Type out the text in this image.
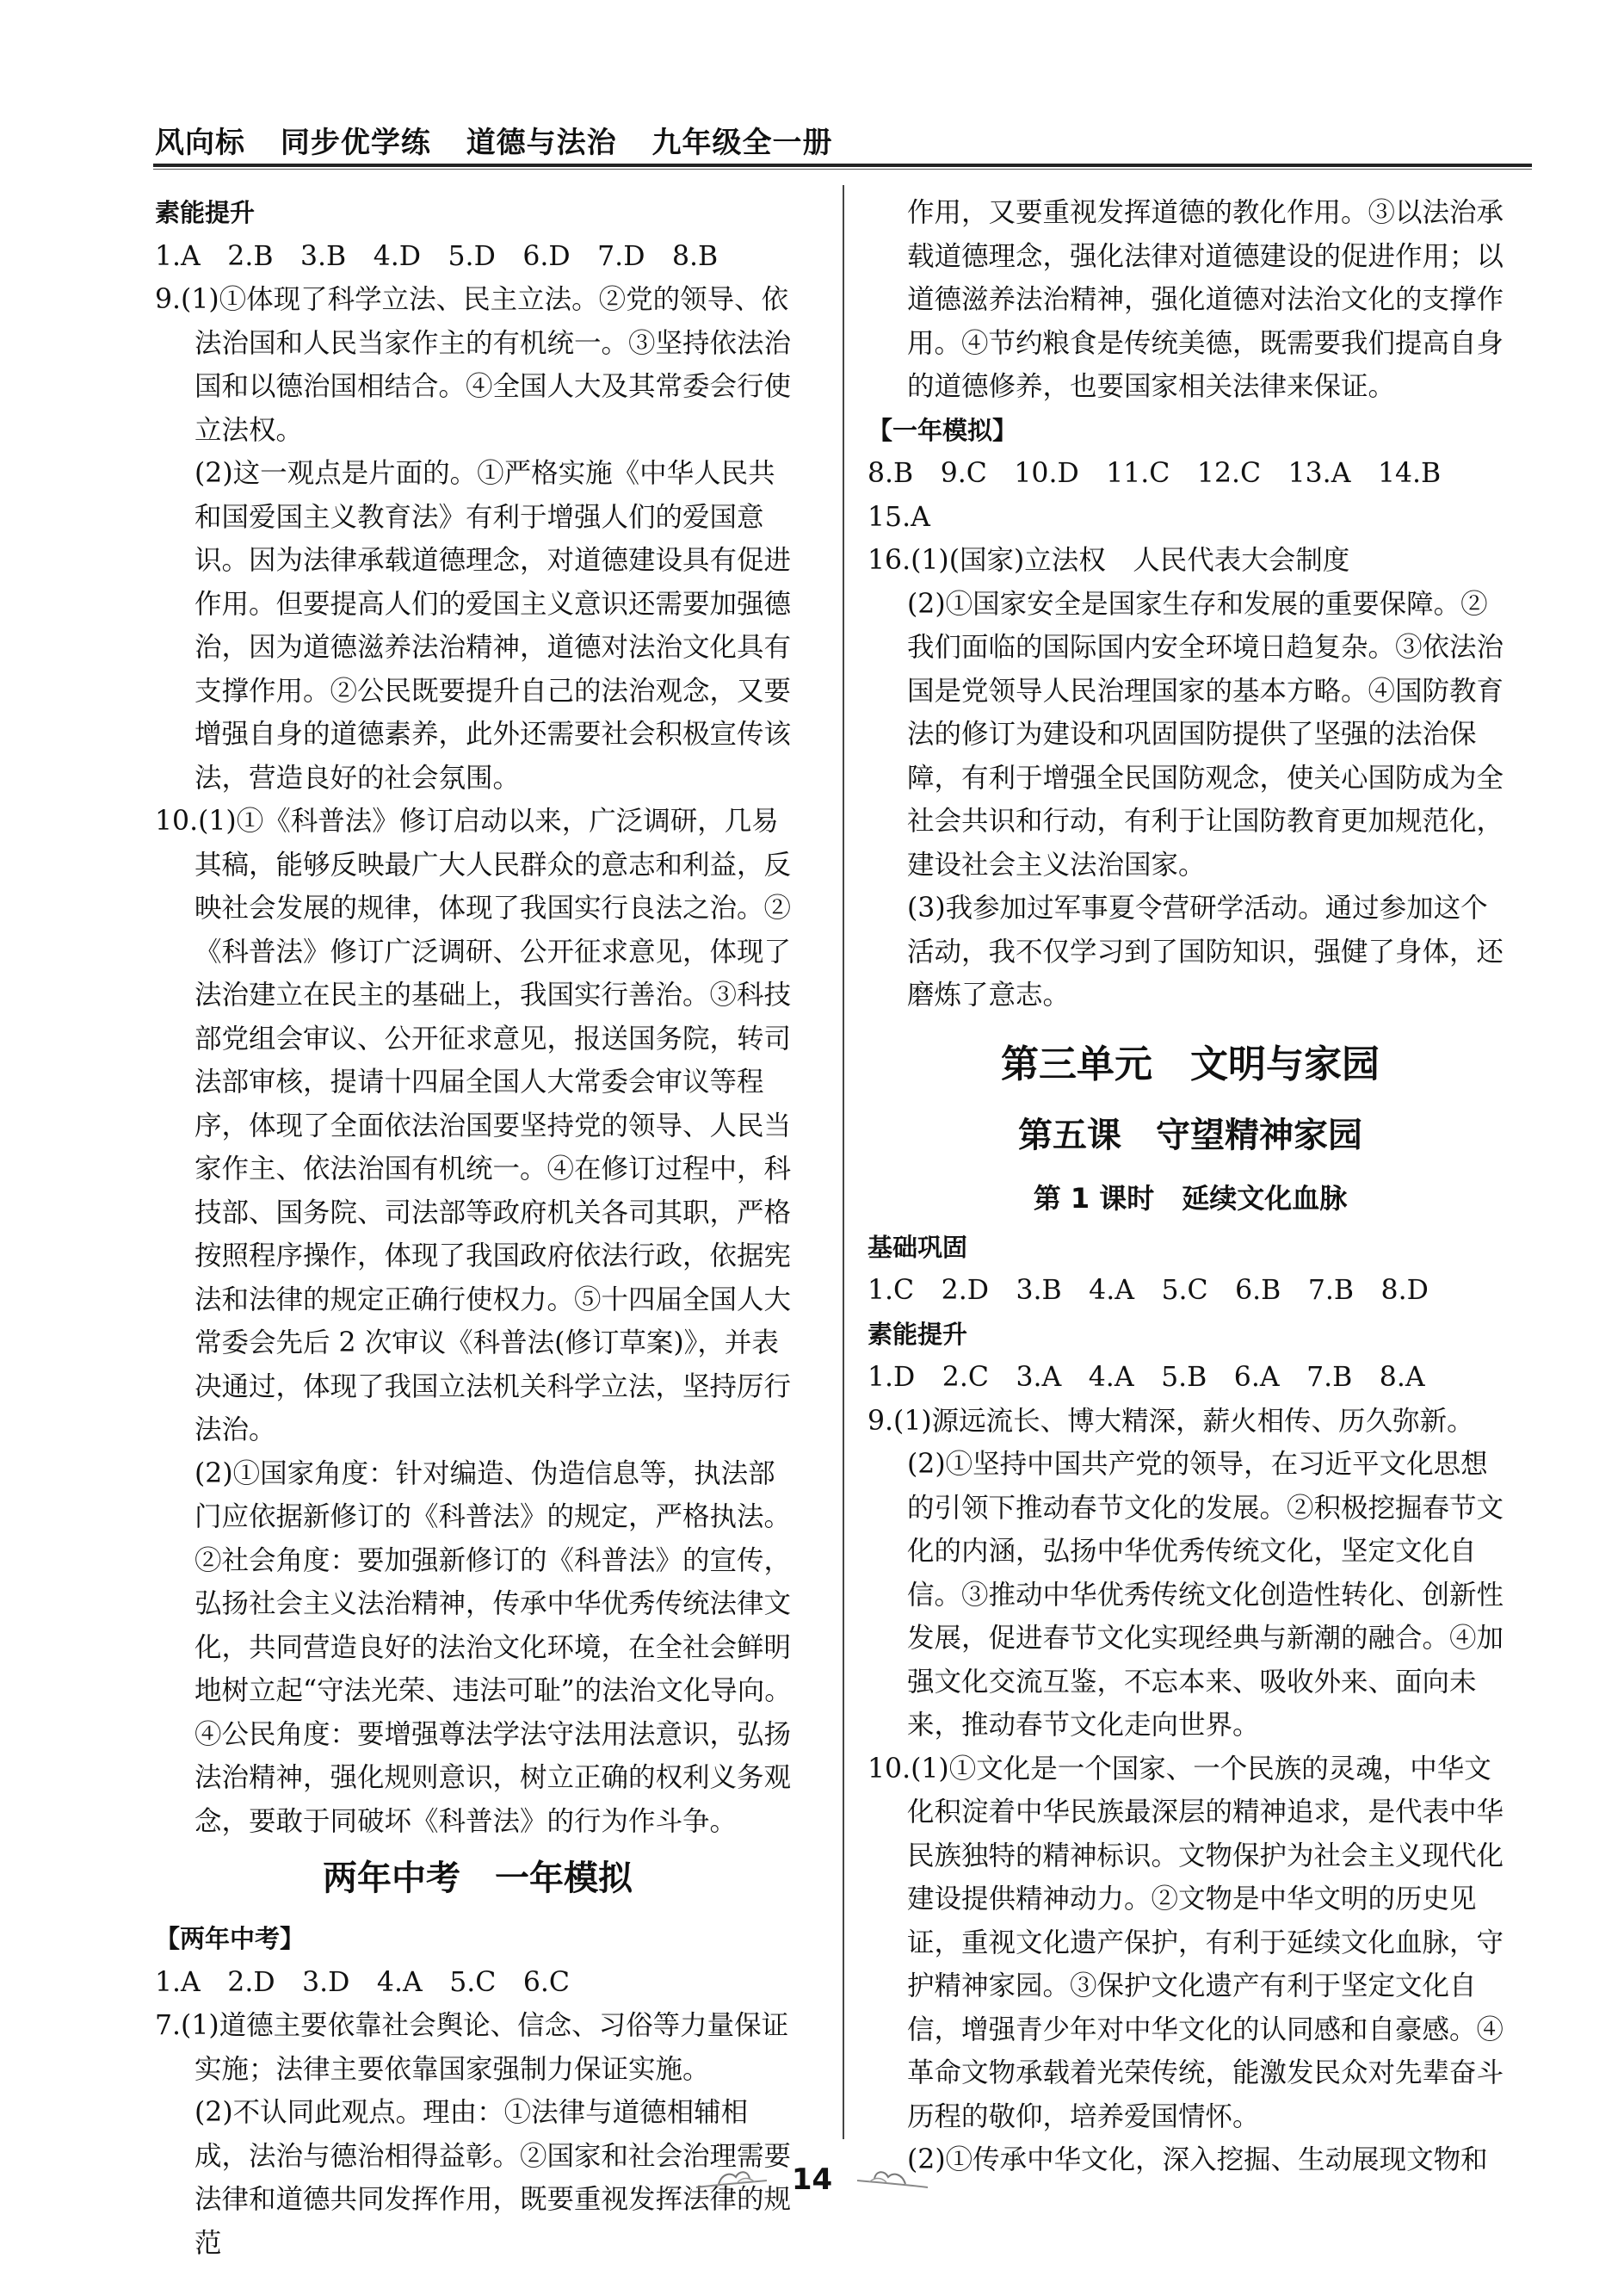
风向标 同步优学练 道德与法治 九年级全一册

素能提升

1.A　2.B　3.B　4.D　5.D　6.D　7.D　8.B

9.(1)①体现了科学立法、民主立法。②党的领导、依法治国和人民当家作主的有机统一。③坚持依法治国和以德治国相结合。④全国人大及其常委会行使立法权。

(2)这一观点是片面的。①严格实施《中华人民共和国爱国主义教育法》有利于增强人们的爱国意识。因为法律承载道德理念，对道德建设具有促进作用。但要提高人们的爱国主义意识还需要加强德治，因为道德滋养法治精神，道德对法治文化具有支撑作用。②公民既要提升自己的法治观念，又要增强自身的道德素养，此外还需要社会积极宣传该法，营造良好的社会氛围。

10.(1)①《科普法》修订启动以来，广泛调研，几易其稿，能够反映最广大人民群众的意志和利益，反映社会发展的规律，体现了我国实行良法之治。②《科普法》修订广泛调研、公开征求意见，体现了法治建立在民主的基础上，我国实行善治。③科技部党组会审议、公开征求意见，报送国务院，转司法部审核，提请十四届全国人大常委会审议等程序，体现了全面依法治国要坚持党的领导、人民当家作主、依法治国有机统一。④在修订过程中，科技部、国务院、司法部等政府机关各司其职，严格按照程序操作，体现了我国政府依法行政，依据宪法和法律的规定正确行使权力。⑤十四届全国人大常委会先后 2 次审议《科普法(修订草案)》，并表决通过，体现了我国立法机关科学立法，坚持厉行法治。

(2)①国家角度：针对编造、伪造信息等，执法部门应依据新修订的《科普法》的规定，严格执法。②社会角度：要加强新修订的《科普法》的宣传，弘扬社会主义法治精神，传承中华优秀传统法律文化，共同营造良好的法治文化环境，在全社会鲜明地树立起“守法光荣、违法可耻”的法治文化导向。④公民角度：要增强尊法学法守法用法意识，弘扬法治精神，强化规则意识，树立正确的权利义务观念，要敢于同破坏《科普法》的行为作斗争。

两年中考　一年模拟

【两年中考】

1.A　2.D　3.D　4.A　5.C　6.C

7.(1)道德主要依靠社会舆论、信念、习俗等力量保证实施；法律主要依靠国家强制力保证实施。

(2)不认同此观点。理由：①法律与道德相辅相成，法治与德治相得益彰。②国家和社会治理需要法律和道德共同发挥作用，既要重视发挥法律的规范

作用，又要重视发挥道德的教化作用。③以法治承载道德理念，强化法律对道德建设的促进作用；以道德滋养法治精神，强化道德对法治文化的支撑作用。④节约粮食是传统美德，既需要我们提高自身的道德修养，也要国家相关法律来保证。

【一年模拟】

8.B　9.C　10.D　11.C　12.C　13.A　14.B

15.A

16.(1)(国家)立法权　人民代表大会制度

(2)①国家安全是国家生存和发展的重要保障。②我们面临的国际国内安全环境日趋复杂。③依法治国是党领导人民治理国家的基本方略。④国防教育法的修订为建设和巩固国防提供了坚强的法治保障，有利于增强全民国防观念，使关心国防成为全社会共识和行动，有利于让国防教育更加规范化，建设社会主义法治国家。

(3)我参加过军事夏令营研学活动。通过参加这个活动，我不仅学习到了国防知识，强健了身体，还磨炼了意志。

第三单元　文明与家园

第五课　守望精神家园

第 1 课时　延续文化血脉

基础巩固

1.C　2.D　3.B　4.A　5.C　6.B　7.B　8.D

素能提升

1.D　2.C　3.A　4.A　5.B　6.A　7.B　8.A

9.(1)源远流长、博大精深，薪火相传、历久弥新。

(2)①坚持中国共产党的领导，在习近平文化思想的引领下推动春节文化的发展。②积极挖掘春节文化的内涵，弘扬中华优秀传统文化，坚定文化自信。③推动中华优秀传统文化创造性转化、创新性发展，促进春节文化实现经典与新潮的融合。④加强文化交流互鉴，不忘本来、吸收外来、面向未来，推动春节文化走向世界。

10.(1)①文化是一个国家、一个民族的灵魂，中华文化积淀着中华民族最深层的精神追求，是代表中华民族独特的精神标识。文物保护为社会主义现代化建设提供精神动力。②文物是中华文明的历史见证，重视文化遗产保护，有利于延续文化血脉，守护精神家园。③保护文化遗产有利于坚定文化自信，增强青少年对中华文化的认同感和自豪感。④革命文物承载着光荣传统，能激发民众对先辈奋斗历程的敬仰，培养爱国情怀。

(2)①传承中华文化，深入挖掘、生动展现文物和

14
